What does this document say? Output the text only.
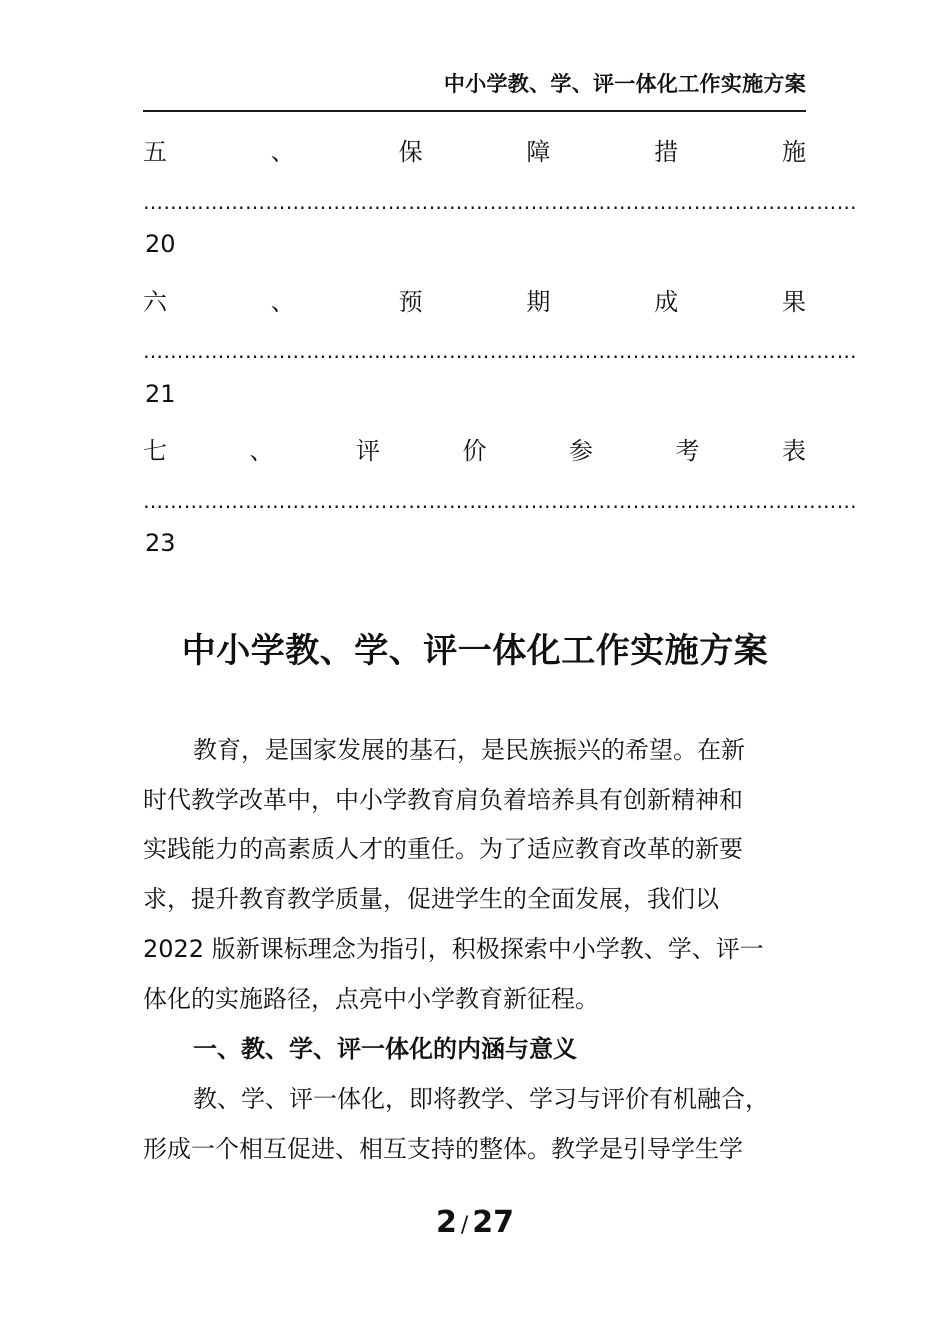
中小学教、学、评一体化工作实施方案
五	、	保	障	措	施
……………………………………………………………………………………………
20
六	、	预	期	成	果
……………………………………………………………………………………………
21
七	、	评	价	参	考	表
……………………………………………………………………………………………
23
中小学教、学、评一体化工作实施方案
教育，是国家发展的基石，是民族振兴的希望。在新
时代教学改革中，中小学教育肩负着培养具有创新精神和
实践能力的高素质人才的重任。为了适应教育改革的新要
求，提升教育教学质量，促进学生的全面发展，我们以
2022 版新课标理念为指引，积极探索中小学教、学、评一
体化的实施路径，点亮中小学教育新征程。
一、教、学、评一体化的内涵与意义
教、学、评一体化，即将教学、学习与评价有机融合，
形成一个相互促进、相互支持的整体。教学是引导学生学
2 / 27
